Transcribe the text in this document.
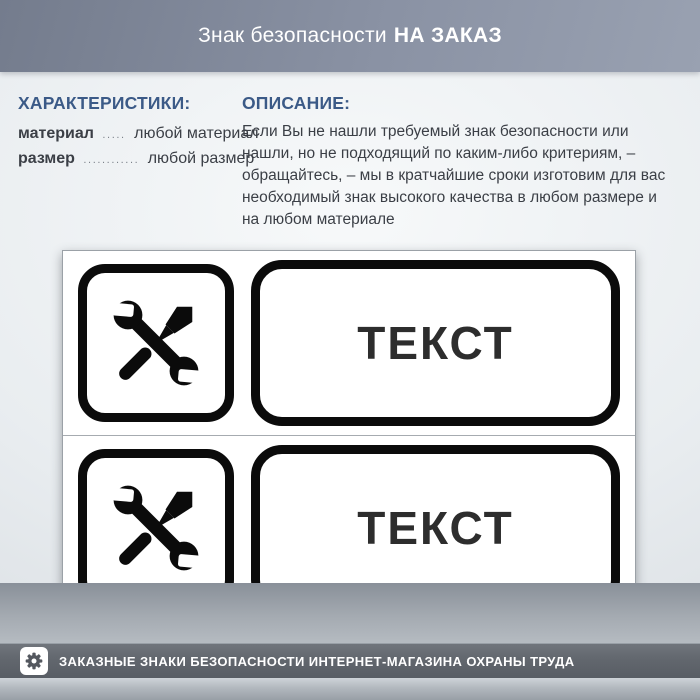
Знак безопасности НА ЗАКАЗ
ХАРАКТЕРИСТИКИ:
материал ..... любой материал
размер ............ любой размер
ОПИСАНИЕ:

Если Вы не нашли требуемый знак безопасности или нашли, но не подходящий по каким-либо критериям, – обращайтесь, – мы в кратчайшие сроки изготовим для вас необходимый знак высокого качества в любом размере и на любом материале

ТЕКСТ
ТЕКСТ
ЗАКАЗНЫЕ ЗНАКИ БЕЗОПАСНОСТИ ИНТЕРНЕТ-МАГАЗИНА ОХРАНЫ ТРУДА
